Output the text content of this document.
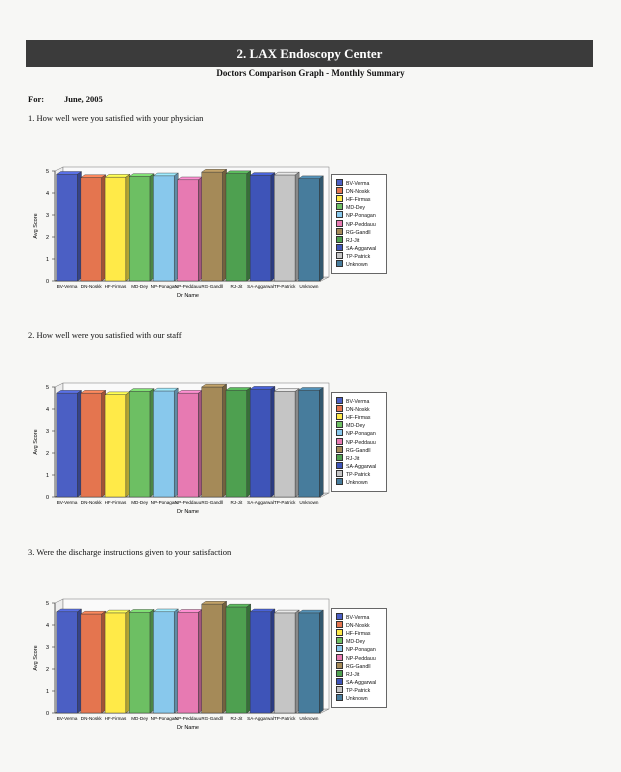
2. LAX Endoscopy Center
Doctors Comparison Graph - Monthly Summary
For: June, 2005
1. How well were you satisfied with your physician
2. How well were you satisfied with our staff
3. Were the discharge instructions given to your satisfaction
0
1
2
3
4
5
Avg Score
BV-Verma DN-Noskk HF-Firmas MD-Dey NP-Ponagan
NP-Peddauu RG-Gandll RJ-Jit SA-Aggarwal TP-Patrick Unknown
Dr Name
BV-Verma
DN-Noskk
HF-Firmas
MD-Dey
NP-Ponagan
NP-Peddauu
RG-Gandll
RJ-Jit
SA-Aggarwal
TP-Patrick
Unknown
0
1
2
3
4
5
Avg Score
BV-Verma DN-Noskk HF-Firmas MD-Dey NP-Ponagan
NP-Peddauu RG-Gandll RJ-Jit SA-Aggarwal TP-Patrick Unknown
Dr Name
BV-Verma
DN-Noskk
HF-Firmas
MD-Dey
NP-Ponagan
NP-Peddauu
RG-Gandll
RJ-Jit
SA-Aggarwal
TP-Patrick
Unknown
0
1
2
3
4
5
Avg Score
BV-Verma DN-Noskk HF-Firmas MD-Dey NP-Ponagan
NP-Peddauu RG-Gandll RJ-Jit SA-Aggarwal TP-Patrick Unknown
Dr Name
BV-Verma
DN-Noskk
HF-Firmas
MD-Dey
NP-Ponagan
NP-Peddauu
RG-Gandll
RJ-Jit
SA-Aggarwal
TP-Patrick
Unknown
